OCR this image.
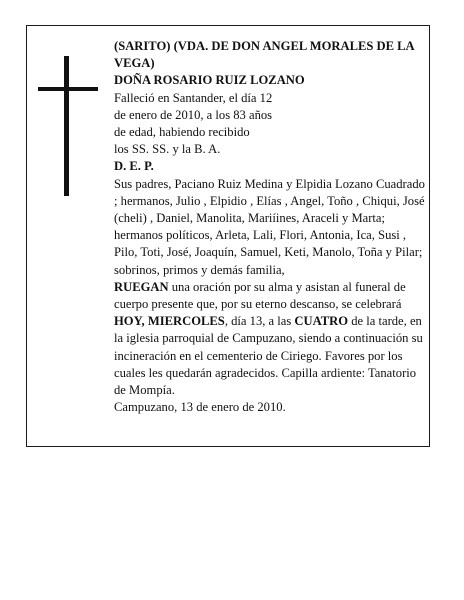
(SARITO) (VDA. DE DON ANGEL MORALES DE LA VEGA)

DOÑA ROSARIO RUIZ LOZANO

Falleció en Santander, el día 12

de enero de 2010, a los 83 años

de edad, habiendo recibido

los SS. SS. y la B. A.

D. E. P.

Sus padres, Paciano Ruiz Medina y Elpidia Lozano Cuadrado ; hermanos, Julio , Elpidio , Elías , Angel, Toño , Chiqui, José (cheli) , Daniel, Manolita, Mariíines, Araceli y Marta; hermanos políticos, Arleta, Lali, Flori, Antonia, Ica, Susi , Pilo, Toti, José, Joaquín, Samuel, Keti, Manolo, Toña y Pilar; sobrinos, primos y demás familia,

RUEGAN una oración por su alma y asistan al funeral de cuerpo presente que, por su eterno descanso, se celebrará HOY, MIERCOLES, día 13, a las CUATRO de la tarde, en la iglesia parroquial de Campuzano, siendo a continuación su incineración en el cementerio de Ciriego. Favores por los cuales les quedarán agradecidos. Capilla ardiente: Tanatorio de Mompía.

Campuzano, 13 de enero de 2010.
